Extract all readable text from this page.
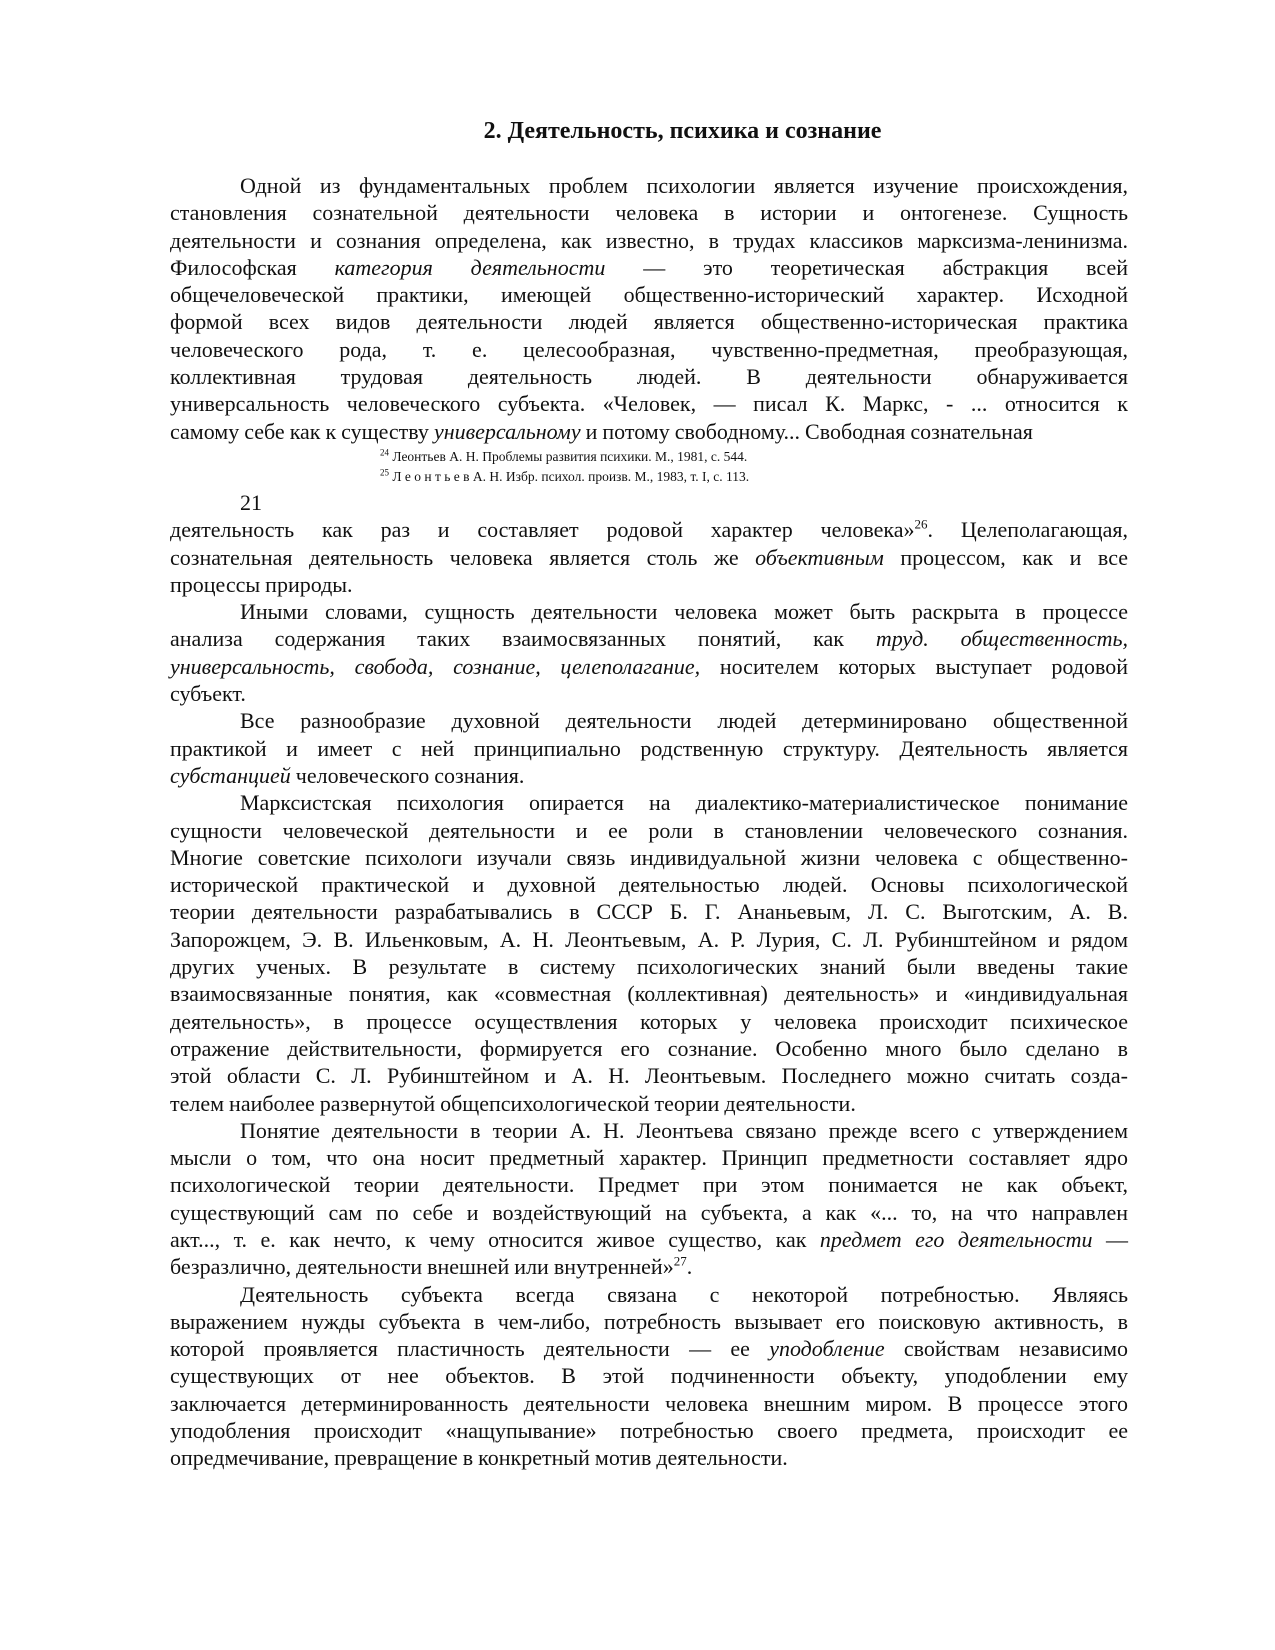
2. Деятельность, психика и сознание
Одной из фундаментальных проблем психологии является изучение происхождения,
становления сознательной деятельности человека в истории и онтогенезе. Сущность
деятельности и сознания определена, как известно, в трудах классиков марксизма-ленинизма.
Философская категория деятельности — это теоретическая абстракция всей
общечеловеческой практики, имеющей общественно-исторический характер. Исходной
формой всех видов деятельности людей является общественно-историческая практика
человеческого рода, т. е. целесообразная, чувственно-предметная, преобразующая,
коллективная трудовая деятельность людей. В деятельности обнаруживается
универсальность человеческого субъекта. «Человек, — писал К. Маркс, - ... относится к
самому себе как к существу универсальному и потому свободному... Свободная сознательная
$^{24}$ Леонтьев А. Н. Проблемы развития психики. М., 1981, с. 544.
$^{25}$ Л е о н т ь е в А. Н. Избр. психол. произв. М., 1983, т. I, с. 113.
21
деятельность как раз и составляет родовой характер человека»$^{26}$. Целеполагающая,
сознательная деятельность человека является столь же объективным процессом, как и все
процессы природы.
Иными словами, сущность деятельности человека может быть раскрыта в процессе
анализа содержания таких взаимосвязанных понятий, как труд. общественность,
универсальность, свобода, сознание, целеполагание, носителем которых выступает родовой
субъект.
Все разнообразие духовной деятельности людей детерминировано общественной
практикой и имеет с ней принципиально родственную структуру. Деятельность является
субстанцией человеческого сознания.
Марксистская психология опирается на диалектико-материалистическое понимание
сущности человеческой деятельности и ее роли в становлении человеческого сознания.
Многие советские психологи изучали связь индивидуальной жизни человека с общественно-
исторической практической и духовной деятельностью людей. Основы психологической
теории деятельности разрабатывались в СССР Б. Г. Ананьевым, Л. С. Выготским, А. В.
Запорожцем, Э. В. Ильенковым, А. Н. Леонтьевым, А. Р. Лурия, С. Л. Рубинштейном и рядом
других ученых. В результате в систему психологических знаний были введены такие
взаимосвязанные понятия, как «совместная (коллективная) деятельность» и «индивидуальная
деятельность», в процессе осуществления которых у человека происходит психическое
отражение действительности, формируется его сознание. Особенно много было сделано в
этой области С. Л. Рубинштейном и А. Н. Леонтьевым. Последнего можно считать созда-
телем наиболее развернутой общепсихологической теории деятельности.
Понятие деятельности в теории А. Н. Леонтьева связано прежде всего с утверждением
мысли о том, что она носит предметный характер. Принцип предметности составляет ядро
психологической теории деятельности. Предмет при этом понимается не как объект,
существующий сам по себе и воздействующий на субъекта, а как «... то, на что направлен
акт..., т. е. как нечто, к чему относится живое существо, как предмет его деятельности —
безразлично, деятельности внешней или внутренней»$^{27}$.
Деятельность субъекта всегда связана с некоторой потребностью. Являясь
выражением нужды субъекта в чем-либо, потребность вызывает его поисковую активность, в
которой проявляется пластичность деятельности — ее уподобление свойствам независимо
существующих от нее объектов. В этой подчиненности объекту, уподоблении ему
заключается детерминированность деятельности человека внешним миром. В процессе этого
уподобления происходит «нащупывание» потребностью своего предмета, происходит ее
опредмечивание, превращение в конкретный мотив деятельности.
